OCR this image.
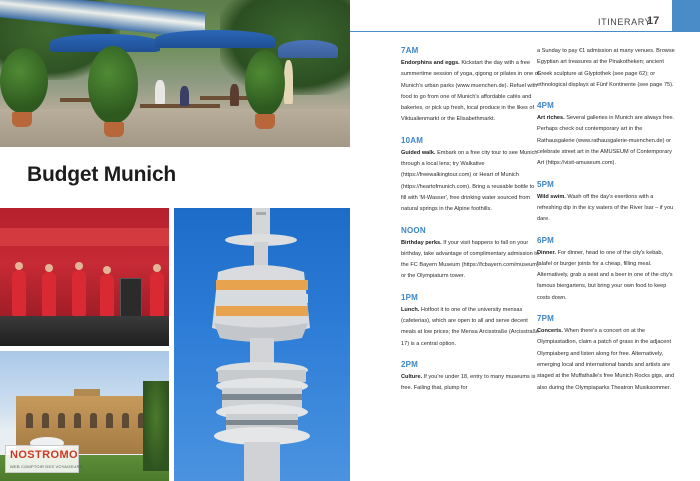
Budget Munich
NOSTROMO
WEB COMPTOIR DES VOYAGEURS
ITINERARY
17
7AM
Endorphins and eggs. Kickstart the day with a free summertime session of yoga, qigong or pilates in one of Munich's urban parks (www.muenchen.de). Refuel with food to go from one of Munich's affordable cafés and bakeries, or pick up fresh, local produce in the likes of Viktualienmarkt or the Elisabethmarkt.
10AM
Guided walk. Embark on a free city tour to see Munich through a local lens; try Walkative (https://freewalkingtour.com) or Heart of Munich (https://heartofmunich.com). Bring a reusable bottle to fill with 'M-Wasser', free drinking water sourced from natural springs in the Alpine foothills.
NOON
Birthday perks. If your visit happens to fall on your birthday, take advantage of complimentary admission to the FC Bayern Museum (https://fcbayern.com/museum) or the Olympiaturm tower.
1PM
Lunch. Hotfoot it to one of the university mensas (cafeterias), which are open to all and serve decent meals at low prices; the Mensa Arcisstraße (Arcisstraße 17) is a central option.
2PM
Culture. If you're under 18, entry to many museums is free. Failing that, plump for
a Sunday to pay €1 admission at many venues. Browse Egyptian art treasures at the Pinakotheken; ancient Greek sculpture at Glyptothek (see page 62); or ethnological displays at Fünf Kontinente (see page 75).
4PM
Art riches. Several galleries in Munich are always free. Perhaps check out contemporary art in the Rathausgalerie (www.rathausgalerie-muenchen.de) or celebrate street art in the AMUSEUM of Contemporary Art (https://visit-amuseum.com).
5PM
Wild swim. Wash off the day's exertions with a refreshing dip in the icy waters of the River Isar – if you dare.
6PM
Dinner. For dinner, head to one of the city's kebab, falafel or burger joints for a cheap, filling meal. Alternatively, grab a seat and a beer in one of the city's famous biergartens, but bring your own food to keep costs down.
7PM
Concerts. When there's a concert on at the Olympiastadion, claim a patch of grass in the adjacent Olympiaberg and listen along for free. Alternatively, emerging local and international bands and artists are staged at the Muffathalle's free Munich Rocks gigs, and also during the Olympiaparks Theatron Musiksommer.
